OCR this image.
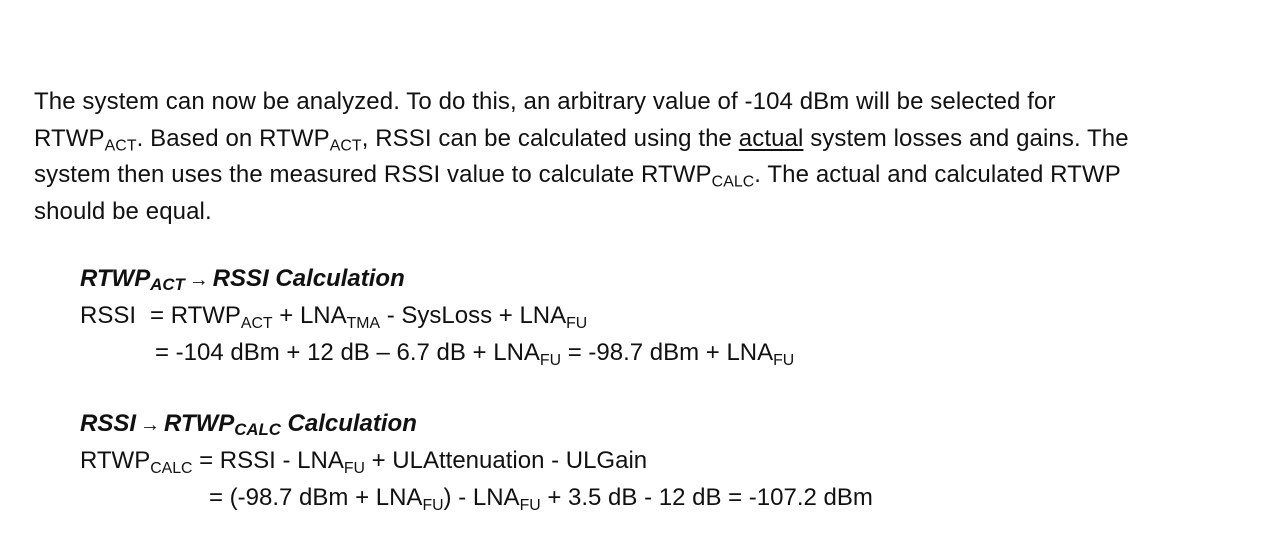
The system can now be analyzed. To do this, an arbitrary value of -104 dBm will be selected for
$RTWP_{ACT}$. Based on $RTWP_{ACT}$, RSSI can be calculated using the actual system losses and gains. The
system then uses the measured RSSI value to calculate $RTWP_{CALC}$. The actual and calculated RTWP
should be equal.
$RTWP_{ACT}$ → RSSI Calculation
RSSI = $RTWP_{ACT} + LNA_{TMA}$ - SysLoss + $LNA_{FU}$
= -104 dBm + 12 dB – 6.7 dB + $LNA_{FU} = -98.7$ dBm + $LNA_{FU}$
RSSI → $RTWP_{CALC}$ Calculation
$RTWP_{CALC}$ = RSSI - $LNA_{FU}$ + ULAttenuation - ULGain
= (-98.7 dBm + $LNA_{FU}) - LNA_{FU} + 3.5$ dB - 12 dB = -107.2 dBm
